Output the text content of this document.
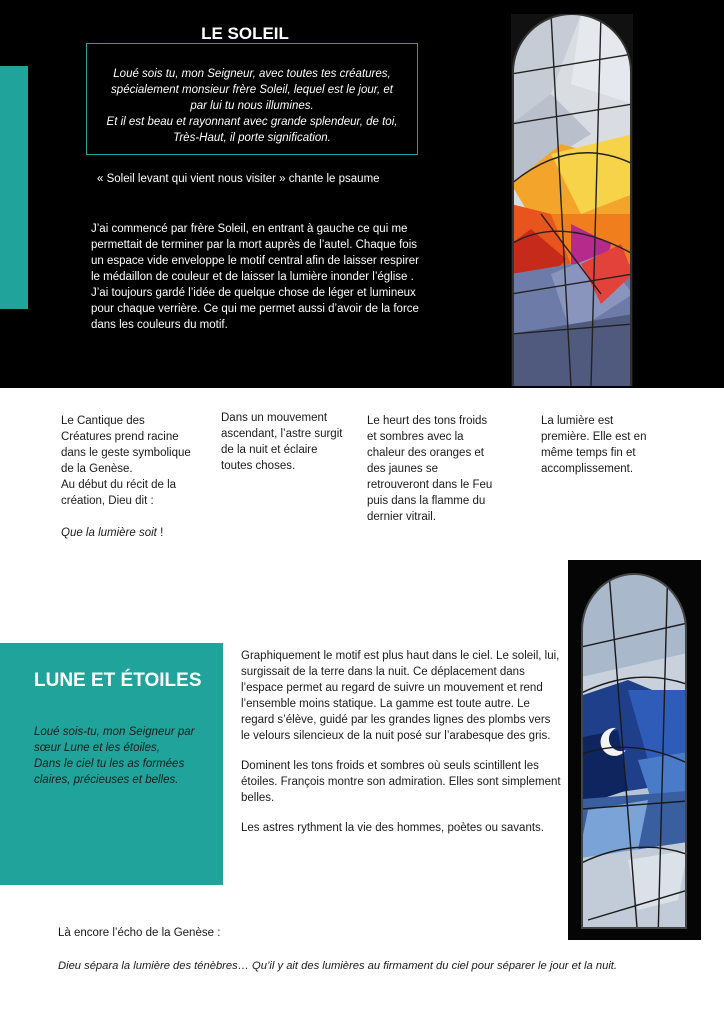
LE SOLEIL

Loué sois tu, mon Seigneur, avec toutes tes créatures,

spécialement monsieur frère Soleil, lequel est le jour, et

par lui tu nous illumines.

Et il est beau et rayonnant avec grande splendeur, de toi,

Très-Haut, il porte signification.

« Soleil levant qui vient nous visiter » chante le psaume
J’ai commencé par frère Soleil, en entrant à gauche ce qui me permettait de terminer par la mort auprès de l’autel. Chaque fois un espace vide enveloppe le motif central afin de laisser respirer le médaillon de couleur et de laisser la lumière inonder l’église . J’ai toujours gardé l’idée de quelque chose de léger et lumineux pour chaque verrière. Ce qui me permet aussi d’avoir de la force dans les couleurs du motif.

Le Cantique des Créatures prend racine dans le geste symbolique de la Genèse.

Au début du récit de la création, Dieu dit :

Que la lumière soit !

Dans un mouvement ascendant, l’astre surgit de la nuit et éclaire toutes choses.
Le heurt des tons froids et sombres avec la chaleur des oranges et des jaunes se retrouveront dans le Feu puis dans la flamme du dernier vitrail.
La lumière est première. Elle est en même temps fin et accomplissement.
LUNE ET ÉTOILES
Loué sois-tu, mon Seigneur par
sœur Lune et les étoiles,
Dans le ciel tu les as formées
claires, précieuses et belles.

Graphiquement le motif est plus haut dans le ciel. Le soleil, lui, surgissait de la terre dans la nuit. Ce déplacement dans l’espace permet au regard de suivre un mouvement et rend l’ensemble moins statique. La gamme est toute autre. Le regard s’élève, guidé par les grandes lignes des plombs vers le velours silencieux de la nuit posé sur l’arabesque des gris.

Dominent les tons froids et sombres où seuls scintillent les étoiles. François montre son admiration. Elles sont simplement belles.

Les astres rythment la vie des hommes, poètes ou savants.

Là encore l’écho de la Genèse :
Dieu sépara la lumière des ténèbres… Qu’il y ait des lumières au firmament du ciel pour séparer le jour et la nuit.
